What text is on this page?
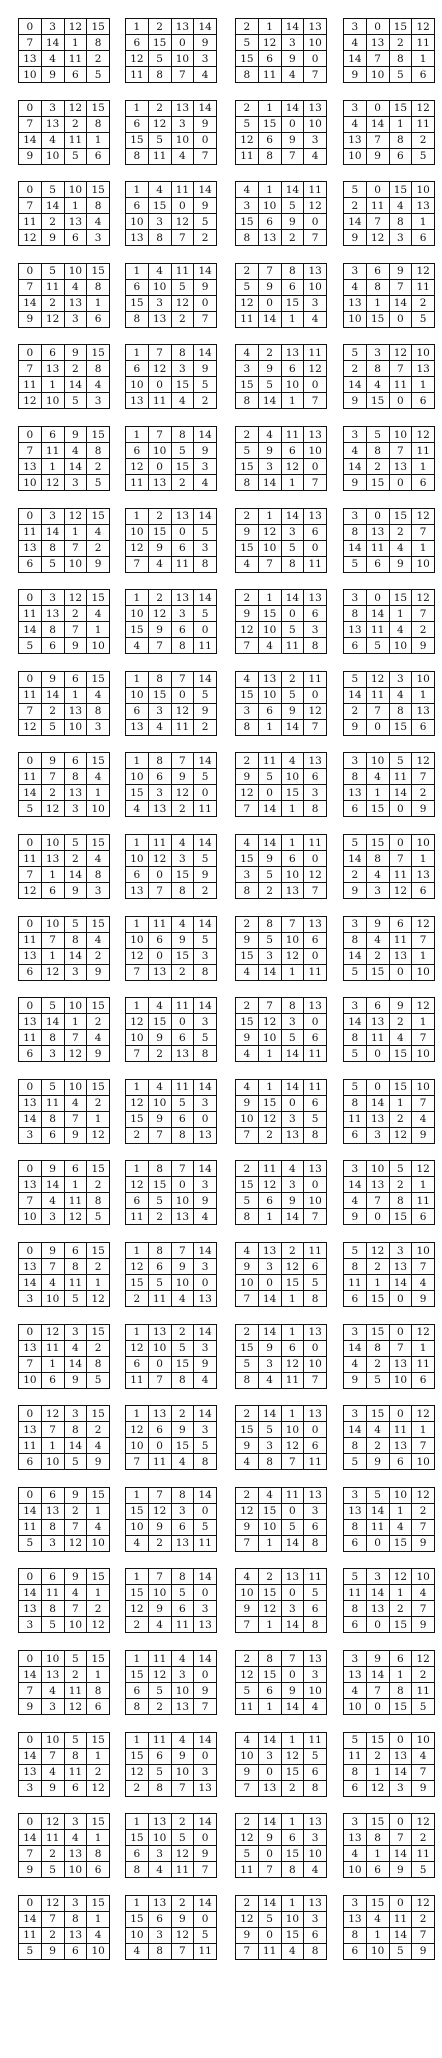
0	3	12	15
7	14	1	8
13	4	11	2
10	9	6	5
1	2	13	14
6	15	0	9
12	5	10	3
11	8	7	4
2	1	14	13
5	12	3	10
15	6	9	0
8	11	4	7
3	0	15	12
4	13	2	11
14	7	8	1
9	10	5	6
0	3	12	15
7	13	2	8
14	4	11	1
9	10	5	6
1	2	13	14
6	12	3	9
15	5	10	0
8	11	4	7
2	1	14	13
5	15	0	10
12	6	9	3
11	8	7	4
3	0	15	12
4	14	1	11
13	7	8	2
10	9	6	5
0	5	10	15
7	14	1	8
11	2	13	4
12	9	6	3
1	4	11	14
6	15	0	9
10	3	12	5
13	8	7	2
4	1	14	11
3	10	5	12
15	6	9	0
8	13	2	7
5	0	15	10
2	11	4	13
14	7	8	1
9	12	3	6
0	5	10	15
7	11	4	8
14	2	13	1
9	12	3	6
1	4	11	14
6	10	5	9
15	3	12	0
8	13	2	7
2	7	8	13
5	9	6	10
12	0	15	3
11	14	1	4
3	6	9	12
4	8	7	11
13	1	14	2
10	15	0	5
0	6	9	15
7	13	2	8
11	1	14	4
12	10	5	3
1	7	8	14
6	12	3	9
10	0	15	5
13	11	4	2
4	2	13	11
3	9	6	12
15	5	10	0
8	14	1	7
5	3	12	10
2	8	7	13
14	4	11	1
9	15	0	6
0	6	9	15
7	11	4	8
13	1	14	2
10	12	3	5
1	7	8	14
6	10	5	9
12	0	15	3
11	13	2	4
2	4	11	13
5	9	6	10
15	3	12	0
8	14	1	7
3	5	10	12
4	8	7	11
14	2	13	1
9	15	0	6
0	3	12	15
11	14	1	4
13	8	7	2
6	5	10	9
1	2	13	14
10	15	0	5
12	9	6	3
7	4	11	8
2	1	14	13
9	12	3	6
15	10	5	0
4	7	8	11
3	0	15	12
8	13	2	7
14	11	4	1
5	6	9	10
0	3	12	15
11	13	2	4
14	8	7	1
5	6	9	10
1	2	13	14
10	12	3	5
15	9	6	0
4	7	8	11
2	1	14	13
9	15	0	6
12	10	5	3
7	4	11	8
3	0	15	12
8	14	1	7
13	11	4	2
6	5	10	9
0	9	6	15
11	14	1	4
7	2	13	8
12	5	10	3
1	8	7	14
10	15	0	5
6	3	12	9
13	4	11	2
4	13	2	11
15	10	5	0
3	6	9	12
8	1	14	7
5	12	3	10
14	11	4	1
2	7	8	13
9	0	15	6
0	9	6	15
11	7	8	4
14	2	13	1
5	12	3	10
1	8	7	14
10	6	9	5
15	3	12	0
4	13	2	11
2	11	4	13
9	5	10	6
12	0	15	3
7	14	1	8
3	10	5	12
8	4	11	7
13	1	14	2
6	15	0	9
0	10	5	15
11	13	2	4
7	1	14	8
12	6	9	3
1	11	4	14
10	12	3	5
6	0	15	9
13	7	8	2
4	14	1	11
15	9	6	0
3	5	10	12
8	2	13	7
5	15	0	10
14	8	7	1
2	4	11	13
9	3	12	6
0	10	5	15
11	7	8	4
13	1	14	2
6	12	3	9
1	11	4	14
10	6	9	5
12	0	15	3
7	13	2	8
2	8	7	13
9	5	10	6
15	3	12	0
4	14	1	11
3	9	6	12
8	4	11	7
14	2	13	1
5	15	0	10
0	5	10	15
13	14	1	2
11	8	7	4
6	3	12	9
1	4	11	14
12	15	0	3
10	9	6	5
7	2	13	8
2	7	8	13
15	12	3	0
9	10	5	6
4	1	14	11
3	6	9	12
14	13	2	1
8	11	4	7
5	0	15	10
0	5	10	15
13	11	4	2
14	8	7	1
3	6	9	12
1	4	11	14
12	10	5	3
15	9	6	0
2	7	8	13
4	1	14	11
9	15	0	6
10	12	3	5
7	2	13	8
5	0	15	10
8	14	1	7
11	13	2	4
6	3	12	9
0	9	6	15
13	14	1	2
7	4	11	8
10	3	12	5
1	8	7	14
12	15	0	3
6	5	10	9
11	2	13	4
2	11	4	13
15	12	3	0
5	6	9	10
8	1	14	7
3	10	5	12
14	13	2	1
4	7	8	11
9	0	15	6
0	9	6	15
13	7	8	2
14	4	11	1
3	10	5	12
1	8	7	14
12	6	9	3
15	5	10	0
2	11	4	13
4	13	2	11
9	3	12	6
10	0	15	5
7	14	1	8
5	12	3	10
8	2	13	7
11	1	14	4
6	15	0	9
0	12	3	15
13	11	4	2
7	1	14	8
10	6	9	5
1	13	2	14
12	10	5	3
6	0	15	9
11	7	8	4
2	14	1	13
15	9	6	0
5	3	12	10
8	4	11	7
3	15	0	12
14	8	7	1
4	2	13	11
9	5	10	6
0	12	3	15
13	7	8	2
11	1	14	4
6	10	5	9
1	13	2	14
12	6	9	3
10	0	15	5
7	11	4	8
2	14	1	13
15	5	10	0
9	3	12	6
4	8	7	11
3	15	0	12
14	4	11	1
8	2	13	7
5	9	6	10
0	6	9	15
14	13	2	1
11	8	7	4
5	3	12	10
1	7	8	14
15	12	3	0
10	9	6	5
4	2	13	11
2	4	11	13
12	15	0	3
9	10	5	6
7	1	14	8
3	5	10	12
13	14	1	2
8	11	4	7
6	0	15	9
0	6	9	15
14	11	4	1
13	8	7	2
3	5	10	12
1	7	8	14
15	10	5	0
12	9	6	3
2	4	11	13
4	2	13	11
10	15	0	5
9	12	3	6
7	1	14	8
5	3	12	10
11	14	1	4
8	13	2	7
6	0	15	9
0	10	5	15
14	13	2	1
7	4	11	8
9	3	12	6
1	11	4	14
15	12	3	0
6	5	10	9
8	2	13	7
2	8	7	13
12	15	0	3
5	6	9	10
11	1	14	4
3	9	6	12
13	14	1	2
4	7	8	11
10	0	15	5
0	10	5	15
14	7	8	1
13	4	11	2
3	9	6	12
1	11	4	14
15	6	9	0
12	5	10	3
2	8	7	13
4	14	1	11
10	3	12	5
9	0	15	6
7	13	2	8
5	15	0	10
11	2	13	4
8	1	14	7
6	12	3	9
0	12	3	15
14	11	4	1
7	2	13	8
9	5	10	6
1	13	2	14
15	10	5	0
6	3	12	9
8	4	11	7
2	14	1	13
12	9	6	3
5	0	15	10
11	7	8	4
3	15	0	12
13	8	7	2
4	1	14	11
10	6	9	5
0	12	3	15
14	7	8	1
11	2	13	4
5	9	6	10
1	13	2	14
15	6	9	0
10	3	12	5
4	8	7	11
2	14	1	13
12	5	10	3
9	0	15	6
7	11	4	8
3	15	0	12
13	4	11	2
8	1	14	7
6	10	5	9
